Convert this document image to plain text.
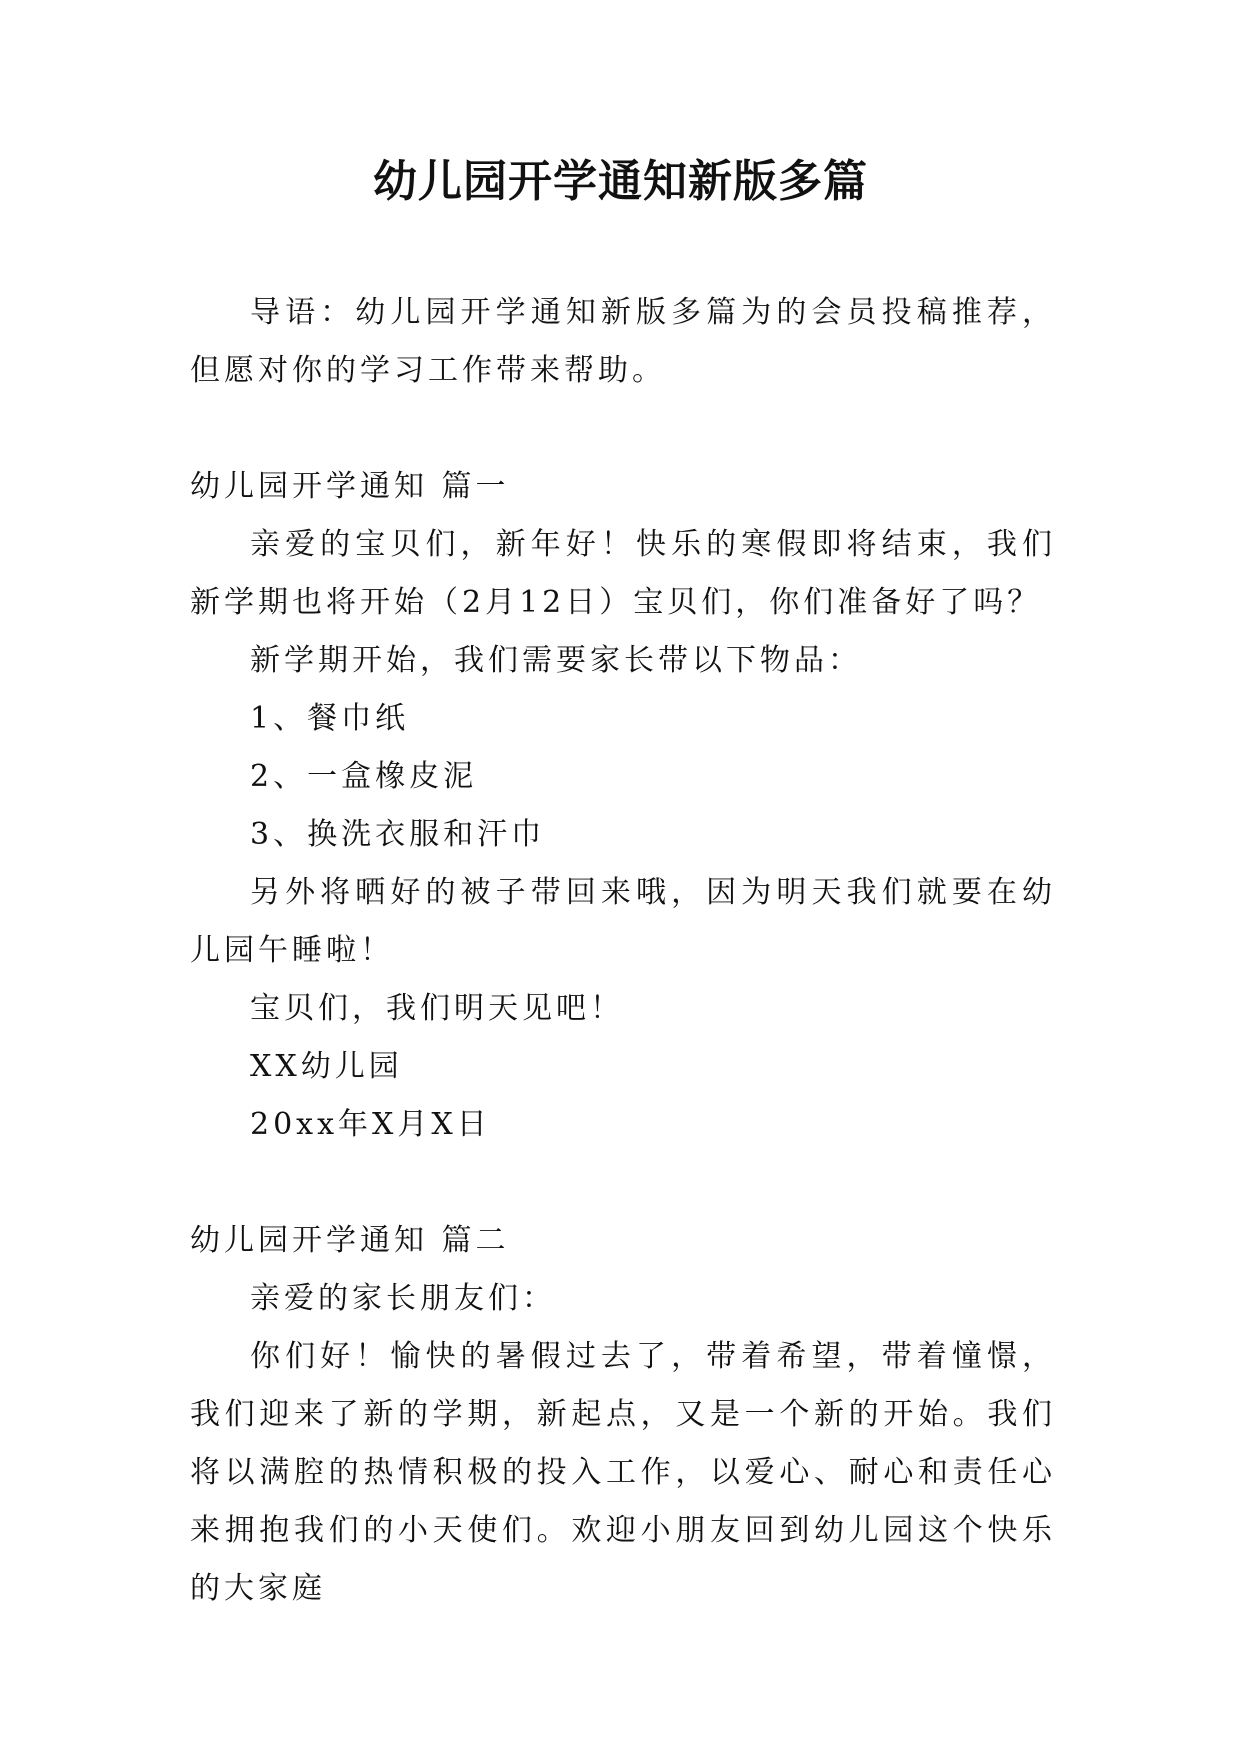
幼儿园开学通知新版多篇

导语：幼儿园开学通知新版多篇为的会员投稿推荐，但愿对你的学习工作带来帮助。

幼儿园开学通知 篇一

亲爱的宝贝们，新年好！快乐的寒假即将结束，我们新学期也将开始（2月12日）宝贝们，你们准备好了吗？

新学期开始，我们需要家长带以下物品：

1、餐巾纸

2、一盒橡皮泥

3、换洗衣服和汗巾

另外将晒好的被子带回来哦，因为明天我们就要在幼儿园午睡啦！

宝贝们，我们明天见吧！

XX幼儿园

20xx年X月X日

幼儿园开学通知 篇二

亲爱的家长朋友们：

你们好！愉快的暑假过去了，带着希望，带着憧憬，我们迎来了新的学期，新起点，又是一个新的开始。我们将以满腔的热情积极的投入工作，以爱心、耐心和责任心来拥抱我们的小天使们。欢迎小朋友回到幼儿园这个快乐的大家庭
